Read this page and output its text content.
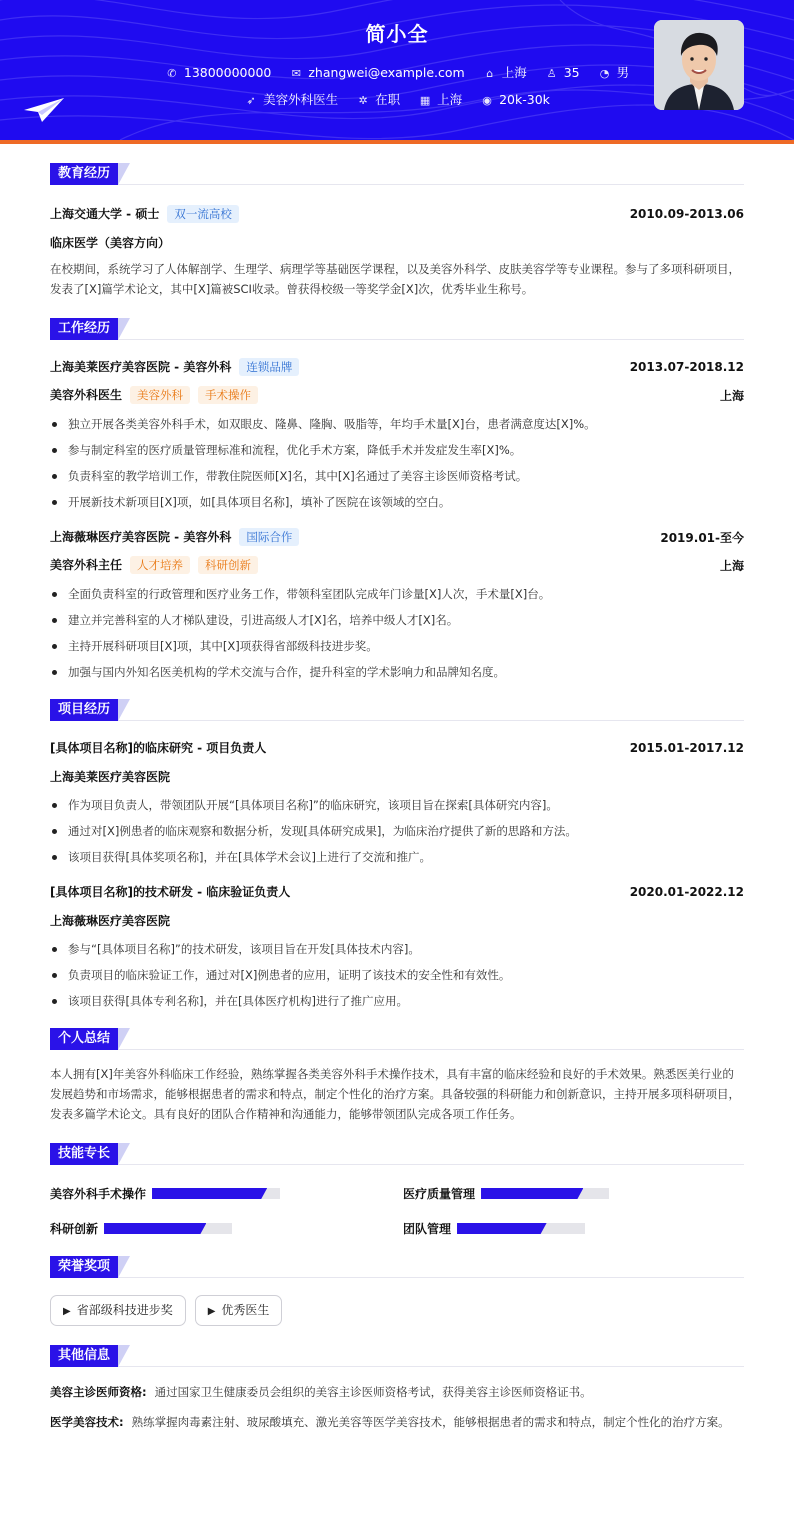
简小全
✆ 13800000000 ✉ zhangwei@example.com ⌂ 上海 ♙ 35 ◔ 男
➶ 美容外科医生 ✲ 在职 ▦ 上海 ◉ 20k-30k
教育经历
上海交通大学 - 硕士 双一流高校	2010.09-2013.06
临床医学（美容方向）
在校期间，系统学习了人体解剖学、生理学、病理学等基础医学课程，以及美容外科学、皮肤美容学等专业课程。参与了多项科研项目，发表了[X]篇学术论文，其中[X]篇被SCI收录。曾获得校级一等奖学金[X]次，优秀毕业生称号。
工作经历
上海美莱医疗美容医院 - 美容外科 连锁品牌	2013.07-2018.12
美容外科医生 美容外科 手术操作	上海
独立开展各类美容外科手术，如双眼皮、隆鼻、隆胸、吸脂等，年均手术量[X]台，患者满意度达[X]%。
参与制定科室的医疗质量管理标准和流程，优化手术方案，降低手术并发症发生率[X]%。
负责科室的教学培训工作，带教住院医师[X]名，其中[X]名通过了美容主诊医师资格考试。
开展新技术新项目[X]项，如[具体项目名称]，填补了医院在该领域的空白。
上海薇琳医疗美容医院 - 美容外科 国际合作	2019.01-至今
美容外科主任 人才培养 科研创新	上海
全面负责科室的行政管理和医疗业务工作，带领科室团队完成年门诊量[X]人次，手术量[X]台。
建立并完善科室的人才梯队建设，引进高级人才[X]名，培养中级人才[X]名。
主持开展科研项目[X]项，其中[X]项获得省部级科技进步奖。
加强与国内外知名医美机构的学术交流与合作，提升科室的学术影响力和品牌知名度。
项目经历
[具体项目名称]的临床研究 - 项目负责人	2015.01-2017.12
上海美莱医疗美容医院
作为项目负责人，带领团队开展“[具体项目名称]”的临床研究，该项目旨在探索[具体研究内容]。
通过对[X]例患者的临床观察和数据分析，发现[具体研究成果]，为临床治疗提供了新的思路和方法。
该项目获得[具体奖项名称]，并在[具体学术会议]上进行了交流和推广。
[具体项目名称]的技术研发 - 临床验证负责人	2020.01-2022.12
上海薇琳医疗美容医院
参与“[具体项目名称]”的技术研发，该项目旨在开发[具体技术内容]。
负责项目的临床验证工作，通过对[X]例患者的应用，证明了该技术的安全性和有效性。
该项目获得[具体专利名称]，并在[具体医疗机构]进行了推广应用。
个人总结
本人拥有[X]年美容外科临床工作经验，熟练掌握各类美容外科手术操作技术，具有丰富的临床经验和良好的手术效果。熟悉医美行业的发展趋势和市场需求，能够根据患者的需求和特点，制定个性化的治疗方案。具备较强的科研能力和创新意识，主持开展多项科研项目，发表多篇学术论文。具有良好的团队合作精神和沟通能力，能够带领团队完成各项工作任务。
技能专长
美容外科手术操作	医疗质量管理
科研创新	团队管理
荣誉奖项
▶ 省部级科技进步奖	▶ 优秀医生
其他信息
美容主诊医师资格: 通过国家卫生健康委员会组织的美容主诊医师资格考试，获得美容主诊医师资格证书。
医学美容技术: 熟练掌握肉毒素注射、玻尿酸填充、激光美容等医学美容技术，能够根据患者的需求和特点，制定个性化的治疗方案。
